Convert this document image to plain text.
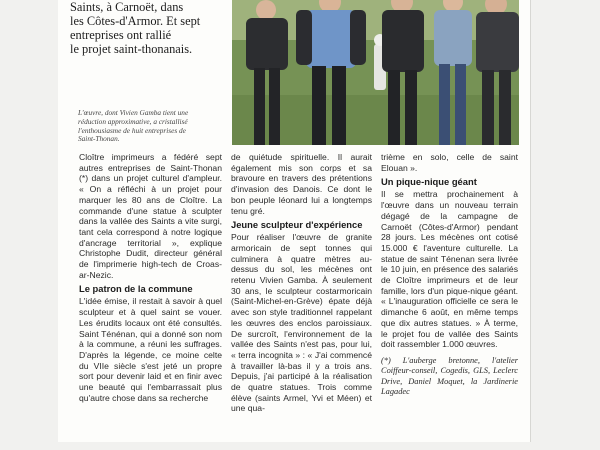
Saints, à Carnoët, dans

les Côtes-d'Armor. Et sept

entreprises ont rallié

le projet saint-thonanais.

L'œuvre, dont Vivien Gamba tient une

réduction approximative, a cristallisé

l'enthousiasme de huit entreprises de

Saint-Thonan.

Cloître imprimeurs a fédéré sept autres entreprises de Saint-Thonan (*) dans un projet culturel d'ampleur. « On a réfléchi à un projet pour marquer les 80 ans de Cloître. La commande d'une statue à sculpter dans la vallée des Saints a vite surgi, tant cela correspond à notre logique d'ancrage territorial », explique Christophe Dudit, directeur général de l'imprimerie high-tech de Croas-ar-Nezic.

Le patron de la commune

L'idée émise, il restait à savoir à quel sculpteur et à quel saint se vouer. Les érudits locaux ont été consultés. Saint Ténénan, qui a donné son nom à la commune, a réuni les suffrages. D'après la légende, ce moine celte du VIIe siècle s'est jeté un propre sort pour devenir laid et en finir avec une beauté qui l'embarrassait plus qu'autre chose dans sa recherche

de quiétude spirituelle. Il aurait également mis son corps et sa bravoure en travers des prétentions d'invasion des Danois. Ce dont le bon peuple léonard lui a longtemps tenu gré.

Jeune sculpteur d'expérience

Pour réaliser l'œuvre de granite armoricain de sept tonnes qui culminera à quatre mètres au-dessus du sol, les mécènes ont retenu Vivien Gamba. À seulement 30 ans, le sculpteur costarmoricain (Saint-Michel-en-Grève) épate déjà avec son style traditionnel rappelant les œuvres des enclos paroissiaux. De surcroît, l'environnement de la vallée des Saints n'est pas, pour lui, « terra incognita » : « J'ai commencé à travailler là-bas il y a trois ans. Depuis, j'ai participé à la réalisation de quatre statues. Trois comme élève (saints Armel, Yvi et Méen) et une qua-

trième en solo, celle de saint Elouan ».

Un pique-nique géant

Il se mettra prochainement à l'œuvre dans un nouveau terrain dégagé de la campagne de Carnoët (Côtes-d'Armor) pendant 28 jours. Les mécènes ont cotisé 15.000 € l'aventure culturelle. La statue de saint Ténenan sera livrée le 10 juin, en présence des salariés de Cloître imprimeurs et de leur famille, lors d'un pique-nique géant. « L'inauguration officielle ce sera le dimanche 6 août, en même temps que dix autres statues. » À terme, le projet fou de vallée des Saints doit rassembler 1.000 œuvres.

(*) L'auberge bretonne, l'atelier Coiffeur-conseil, Cogedis, GLS, Leclerc Drive, Daniel Moquet, la Jardinerie Lagadec
